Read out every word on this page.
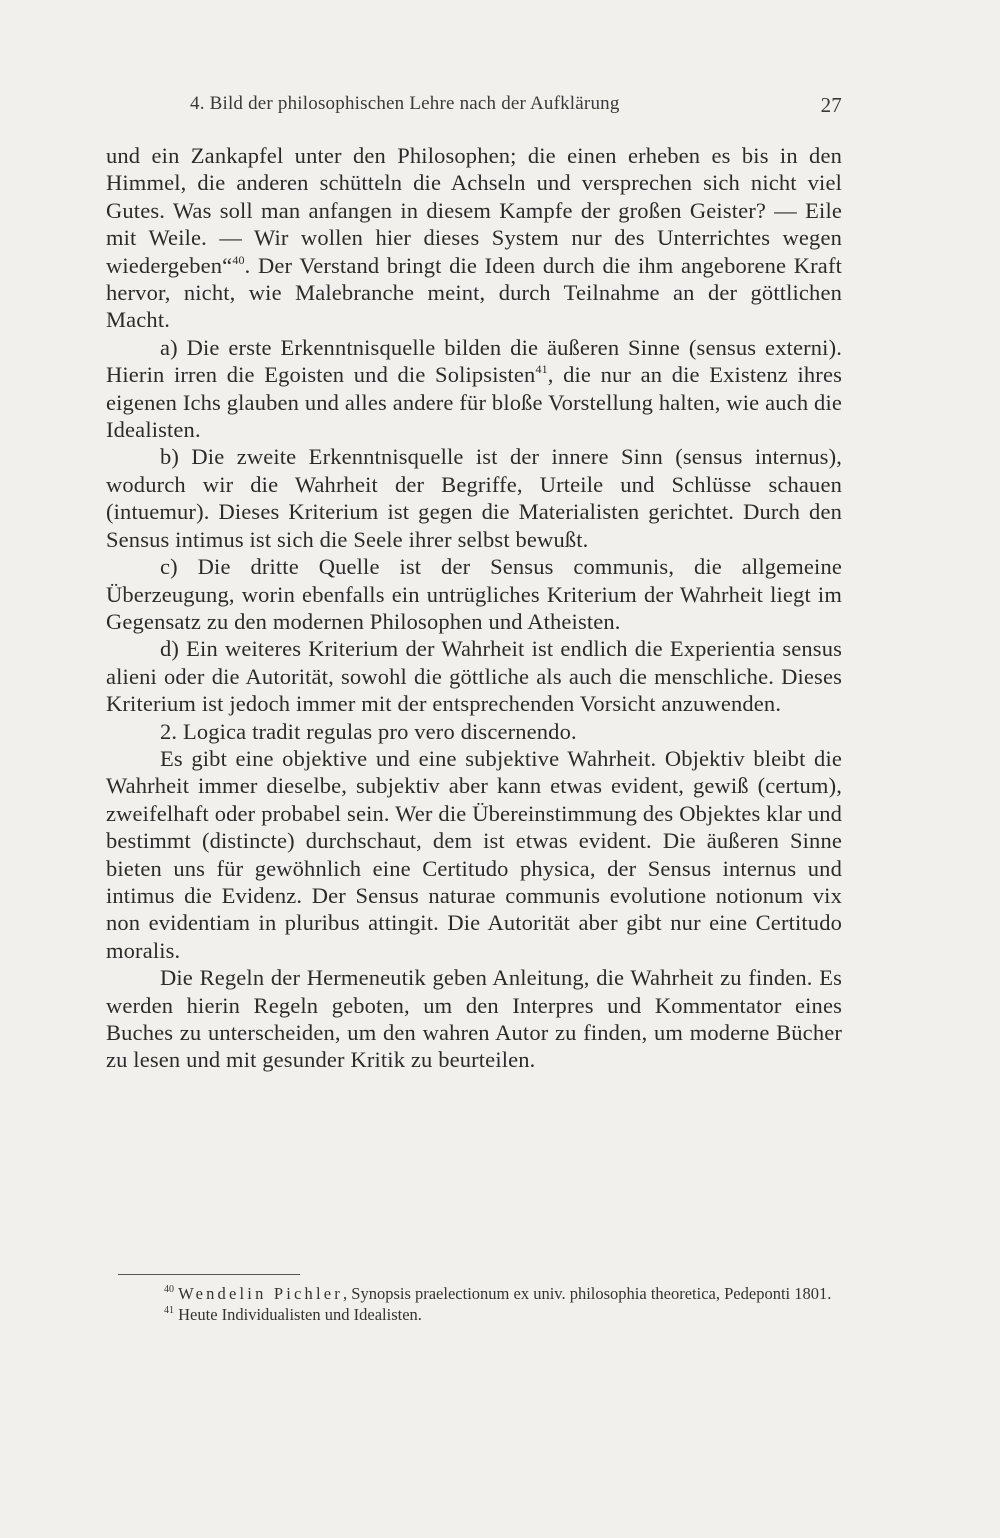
4. Bild der philosophischen Lehre nach der Aufklärung	27

und ein Zankapfel unter den Philosophen; die einen erheben es bis in den Himmel, die anderen schütteln die Achseln und versprechen sich nicht viel Gutes. Was soll man anfangen in diesem Kampfe der großen Geister? — Eile mit Weile. — Wir wollen hier dieses System nur des Unterrichtes wegen wiedergeben“$^{40}$. Der Verstand bringt die Ideen durch die ihm angeborene Kraft hervor, nicht, wie Malebranche meint, durch Teilnahme an der göttlichen Macht.

a) Die erste Erkenntnisquelle bilden die äußeren Sinne (sensus externi). Hierin irren die Egoisten und die Solipsisten$^{41}$, die nur an die Existenz ihres eigenen Ichs glauben und alles andere für bloße Vorstellung halten, wie auch die Idealisten.

b) Die zweite Erkenntnisquelle ist der innere Sinn (sensus internus), wodurch wir die Wahrheit der Begriffe, Urteile und Schlüsse schauen (intuemur). Dieses Kriterium ist gegen die Materialisten gerichtet. Durch den Sensus intimus ist sich die Seele ihrer selbst bewußt.

c) Die dritte Quelle ist der Sensus communis, die allgemeine Überzeugung, worin ebenfalls ein untrügliches Kriterium der Wahrheit liegt im Gegensatz zu den modernen Philosophen und Atheisten.

d) Ein weiteres Kriterium der Wahrheit ist endlich die Experientia sensus alieni oder die Autorität, sowohl die göttliche als auch die menschliche. Dieses Kriterium ist jedoch immer mit der entsprechenden Vorsicht anzuwenden.

2. Logica tradit regulas pro vero discernendo.

Es gibt eine objektive und eine subjektive Wahrheit. Objektiv bleibt die Wahrheit immer dieselbe, subjektiv aber kann etwas evident, gewiß (certum), zweifelhaft oder probabel sein. Wer die Übereinstimmung des Objektes klar und bestimmt (distincte) durchschaut, dem ist etwas evident. Die äußeren Sinne bieten uns für gewöhnlich eine Certitudo physica, der Sensus internus und intimus die Evidenz. Der Sensus naturae communis evolutione notionum vix non evidentiam in pluribus attingit. Die Autorität aber gibt nur eine Certitudo moralis.

Die Regeln der Hermeneutik geben Anleitung, die Wahrheit zu finden. Es werden hierin Regeln geboten, um den Interpres und Kommentator eines Buches zu unterscheiden, um den wahren Autor zu finden, um moderne Bücher zu lesen und mit gesunder Kritik zu beurteilen.

$^{40}$ Wendelin Pichler, Synopsis praelectionum ex univ. philosophia theoretica, Pedeponti 1801.

$^{41}$ Heute Individualisten und Idealisten.
